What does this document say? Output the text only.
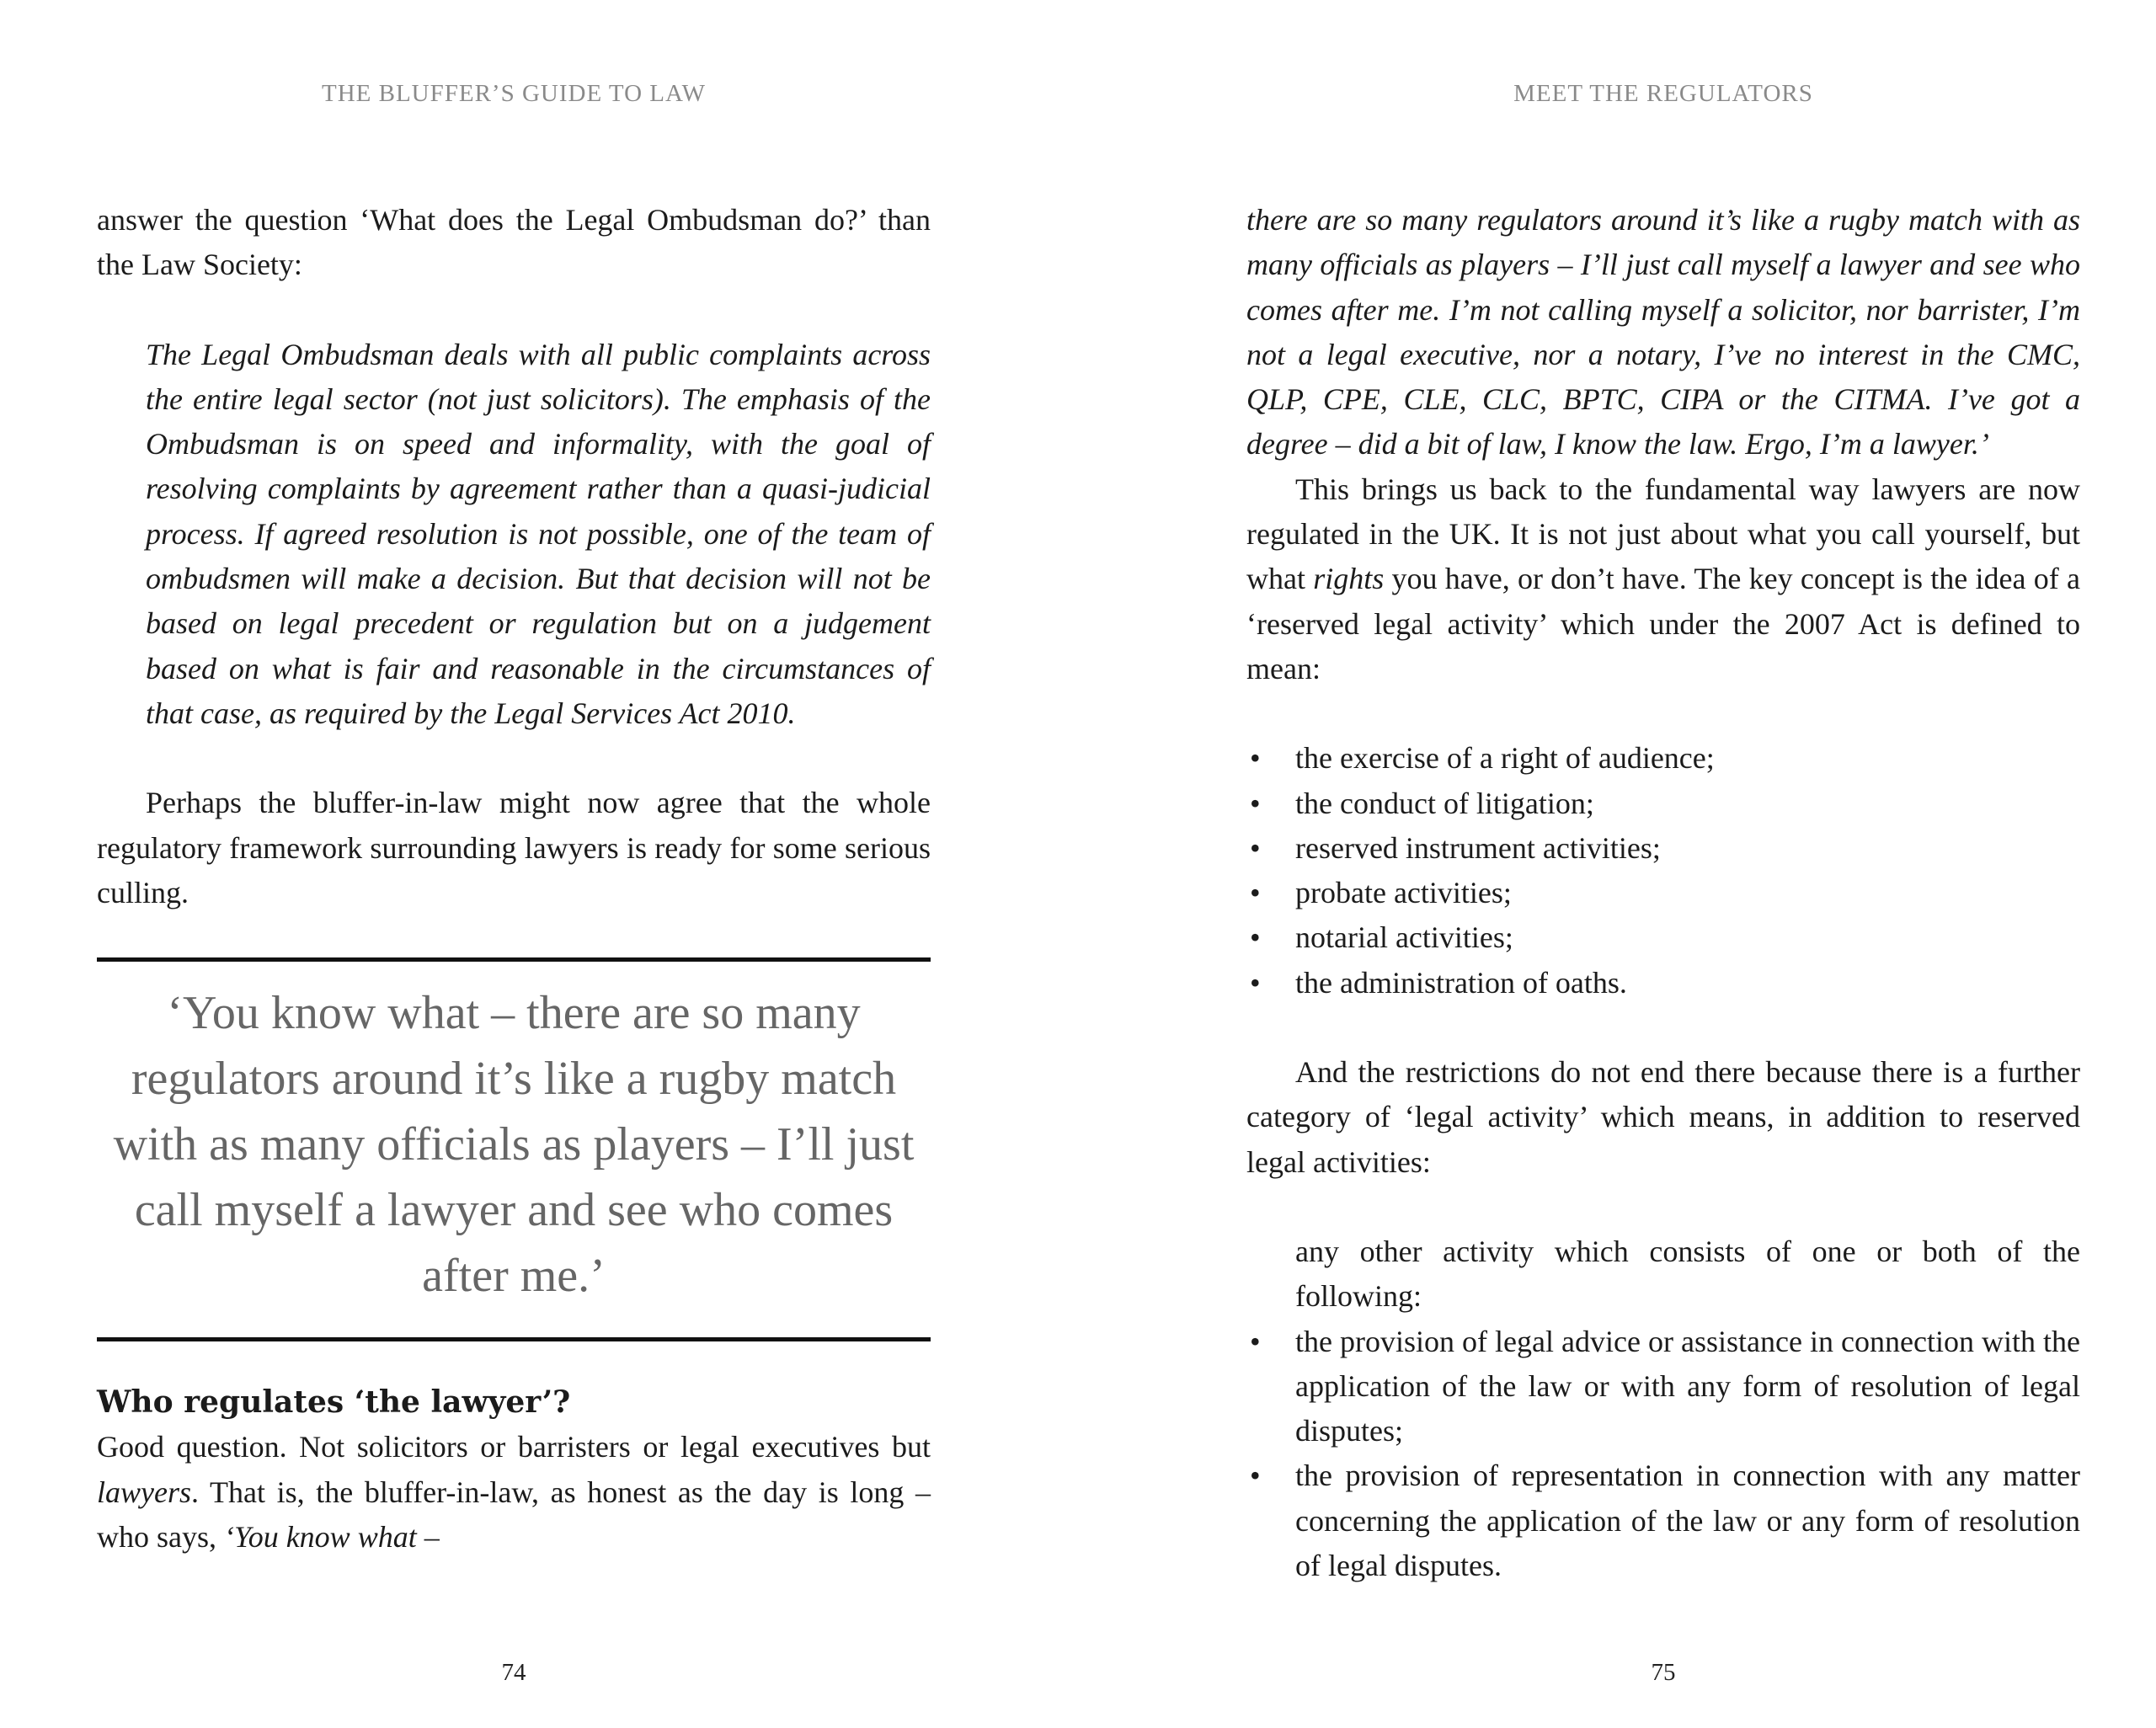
THE BLUFFER’S GUIDE TO LAW

answer the question ‘What does the Legal Ombudsman do?’ than the Law Society:

The Legal Ombudsman deals with all public complaints across the entire legal sector (not just solicitors). The emphasis of the Ombudsman is on speed and informality, with the goal of resolving complaints by agreement rather than a quasi-judicial process. If agreed resolution is not possible, one of the team of ombudsmen will make a decision. But that decision will not be based on legal precedent or regulation but on a judgement based on what is fair and reasonable in the circumstances of that case, as required by the Legal Services Act 2010.

Perhaps the bluffer-in-law might now agree that the whole regulatory framework surrounding lawyers is ready for some serious culling.

‘You know what – there are so many regulators around it’s like a rugby match with as many officials as players – I’ll just call myself a lawyer and see who comes after me.’

Who regulates ‘the lawyer’?

Good question. Not solicitors or barristers or legal executives but lawyers. That is, the bluffer-in-law, as honest as the day is long – who says, ‘You know what –

74
MEET THE REGULATORS

there are so many regulators around it’s like a rugby match with as many officials as players – I’ll just call myself a lawyer and see who comes after me. I’m not calling myself a solicitor, nor barrister, I’m not a legal executive, nor a notary, I’ve no interest in the CMC, QLP, CPE, CLE, CLC, BPTC, CIPA or the CITMA. I’ve got a degree – did a bit of law, I know the law. Ergo, I’m a lawyer.’

This brings us back to the fundamental way lawyers are now regulated in the UK. It is not just about what you call yourself, but what rights you have, or don’t have. The key concept is the idea of a ‘reserved legal activity’ which under the 2007 Act is defined to mean:

• the exercise of a right of audience;
• the conduct of litigation;
• reserved instrument activities;
• probate activities;
• notarial activities;
• the administration of oaths.

And the restrictions do not end there because there is a further category of ‘legal activity’ which means, in addition to reserved legal activities:

any other activity which consists of one or both of the following:

• the provision of legal advice or assistance in connection with the application of the law or with any form of resolution of legal disputes;
• the provision of representation in connection with any matter concerning the application of the law or any form of resolution of legal disputes.
75
